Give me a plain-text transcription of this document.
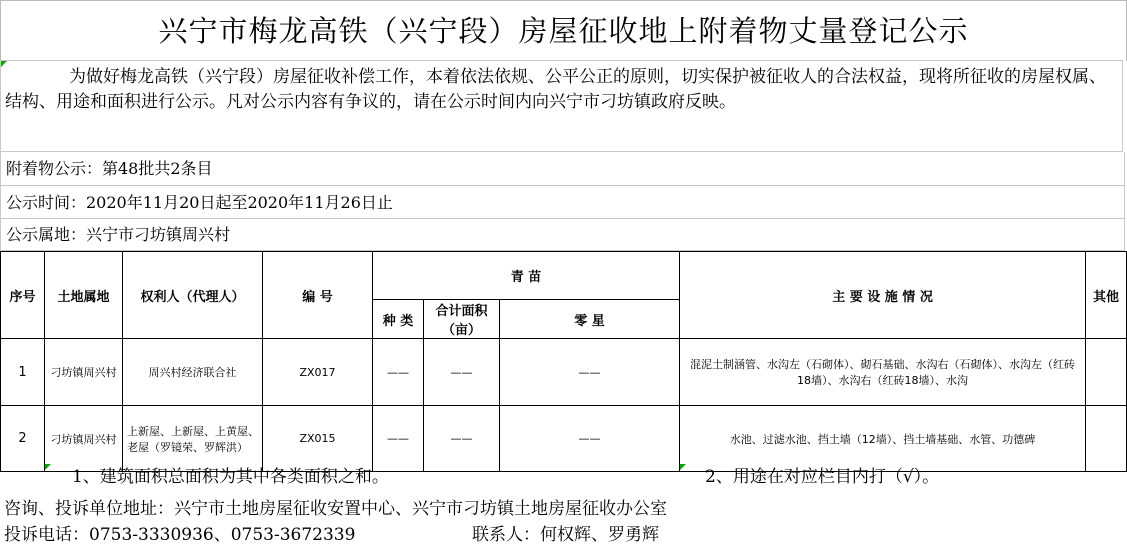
兴宁市梅龙高铁（兴宁段）房屋征收地上附着物丈量登记公示
为做好梅龙高铁（兴宁段）房屋征收补偿工作，本着依法依规、公平公正的原则，切实保护被征收人的合法权益，现将所征收的房屋权属、结构、用途和面积进行公示。凡对公示内容有争议的，请在公示时间内向兴宁市刁坊镇政府反映。
附着物公示：第48批共2条目
公示时间：2020年11月20日起至2020年11月26日止
公示属地：兴宁市刁坊镇周兴村
序号	土地属地	权利人（代理人）	编 号	青 苗			主 要 设 施 情 况	其他
				种 类	合计面积（亩）	零 星		
1	刁坊镇周兴村	周兴村经济联合社	ZX017	——	——	——	混泥土制涵管、水沟左（石砌体）、砌石基础、水沟右（石砌体）、水沟左（红砖18墙）、水沟右（红砖18墙）、水沟	
2	刁坊镇周兴村	上新屋、上新屋、上黄屋、老屋（罗镜荣、罗辉洪）	ZX015	——	——	——	水池、过滤水池、挡土墙（12墙）、挡土墙基础、水管、功德碑	
1、建筑面积总面积为其中各类面积之和。	2、用途在对应栏目内打（√）。
咨询、投诉单位地址：兴宁市土地房屋征收安置中心、兴宁市刁坊镇土地房屋征收办公室
投诉电话：0753-3330936、0753-3672339	联系人：何权辉、罗勇辉
